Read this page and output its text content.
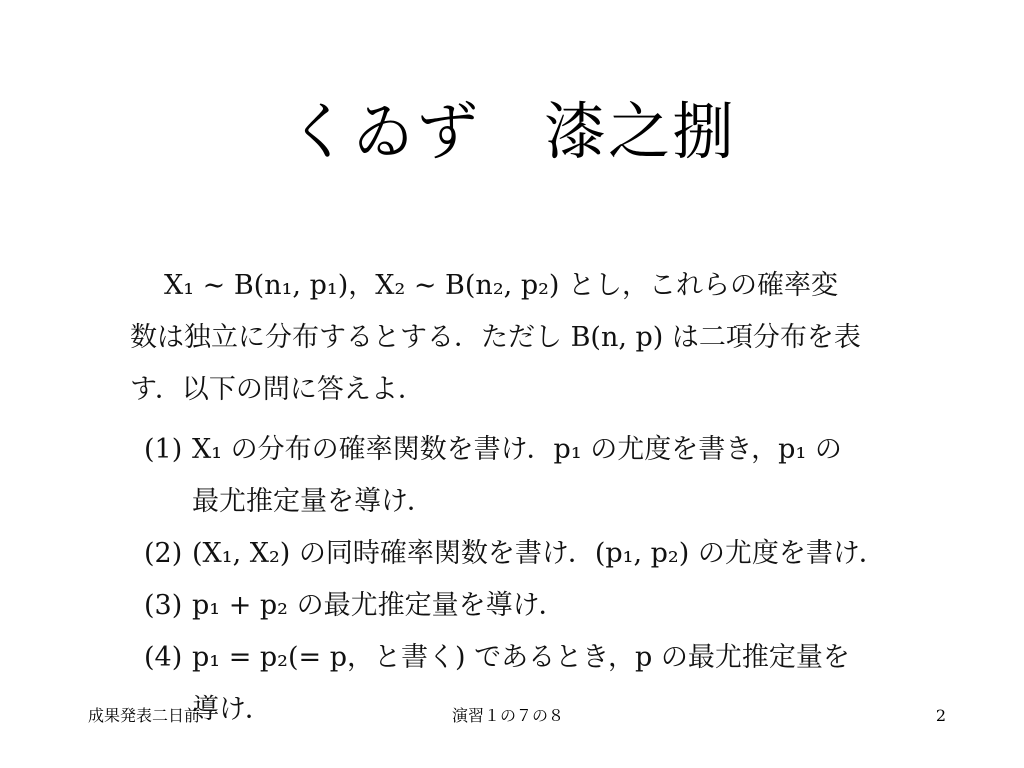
くゐず　漆之捌
X₁ ∼ B(n₁, p₁)，X₂ ∼ B(n₂, p₂) とし，これらの確率変
数は独立に分布するとする．ただし B(n, p) は二項分布を表
す．以下の問に答えよ．
(1) X₁ の分布の確率関数を書け．p₁ の尤度を書き，p₁ の
最尤推定量を導け．
(2) (X₁, X₂) の同時確率関数を書け．(p₁, p₂) の尤度を書け．
(3) p₁ + p₂ の最尤推定量を導け．
(4) p₁ = p₂(= p，と書く) であるとき，p の最尤推定量を
導け．
成果発表二日前	演習１の７の８	2
